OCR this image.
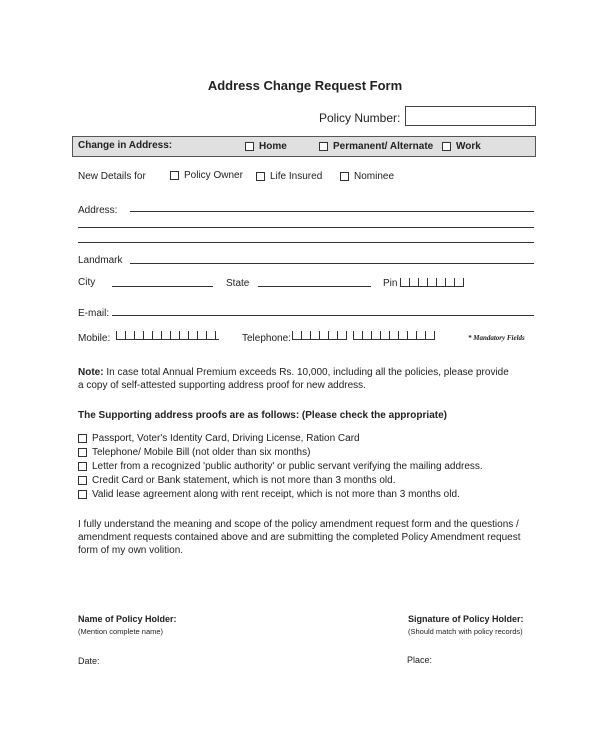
Address Change Request Form
Policy Number:
Change in Address:	Home	Permanent/ Alternate Work
New Details for	Policy Owner	Life Insured	Nominee
Address:
Landmark
City	State	Pin
E-mail:
Mobile:	Telephone:	* Mandatory Fields
Note: In case total Annual Premium exceeds Rs. 10,000, including all the policies, please provide
a copy of self-attested supporting address proof for new address.
The Supporting address proofs are as follows: (Please check the appropriate)
Passport, Voter's Identity Card, Driving License, Ration Card
Telephone/ Mobile Bill (not older than six months)
Letter from a recognized 'public authority' or public servant verifying the mailing address.
Credit Card or Bank statement, which is not more than 3 months old.
Valid lease agreement along with rent receipt, which is not more than 3 months old.
I fully understand the meaning and scope of the policy amendment request form and the questions /
amendment requests contained above and are submitting the completed Policy Amendment request
form of my own volition.
Name of Policy Holder:
(Mention complete name)
Signature of Policy Holder:
(Should match with policy records)
Date:	Place:
